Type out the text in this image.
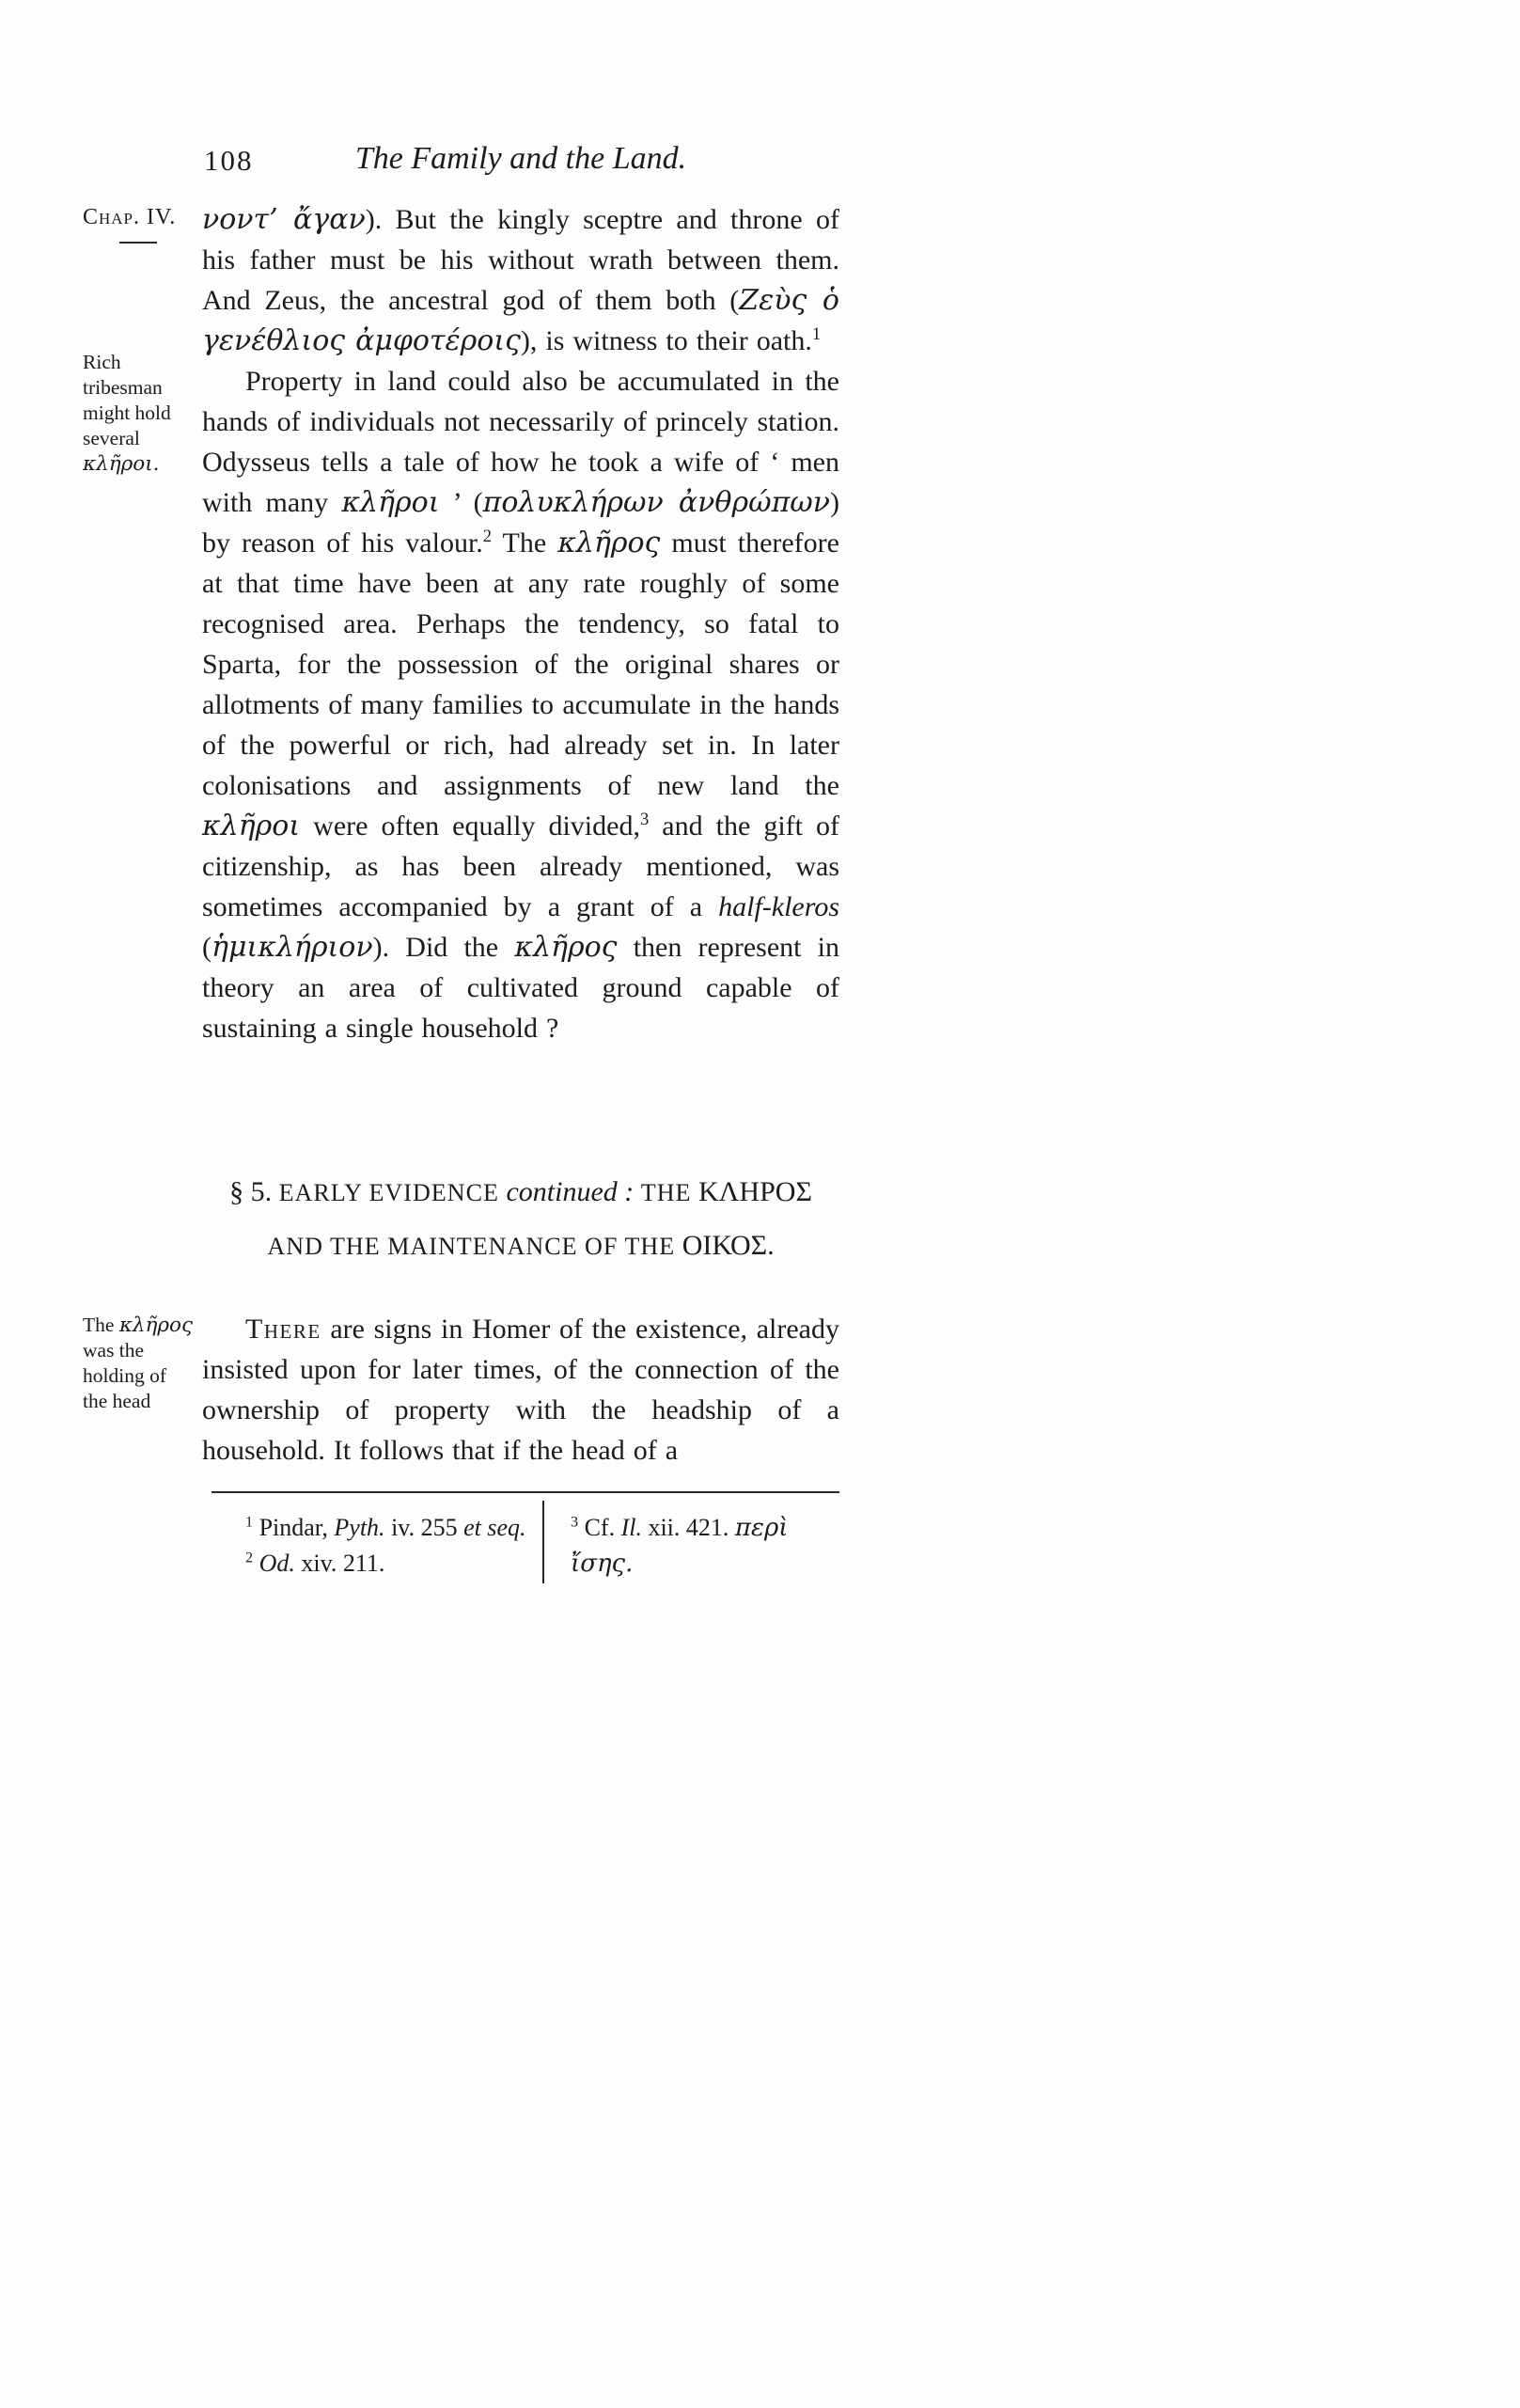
108	The Family and the Land.
Chap. IV.
Rich tribesman might hold several κλῆροι.
The κλῆρος was the holding of the head

νοντ’ ἄγαν). But the kingly sceptre and throne of his father must be his without wrath between them. And Zeus, the ancestral god of them both (Ζεὺς ὁ γενέθλιος ἀμφοτέροις), is witness to their oath.$^1$

Property in land could also be accumulated in the hands of individuals not necessarily of princely station. Odysseus tells a tale of how he took a wife of ‘ men with many κλῆροι ’ (πολυκλήρων ἀνθρώπων) by reason of his valour.$^2$ The κλῆρος must therefore at that time have been at any rate roughly of some recognised area. Perhaps the tendency, so fatal to Sparta, for the possession of the original shares or allotments of many families to accumulate in the hands of the powerful or rich, had already set in. In later colonisations and assignments of new land the κλῆροι were often equally divided,$^3$ and the gift of citizenship, as has been already mentioned, was sometimes accompanied by a grant of a half-kleros (ἡμικλήριον). Did the κλῆρος then represent in theory an area of cultivated ground capable of sustaining a single household ?

§ 5. EARLY EVIDENCE continued : THE ΚΛΗΡΟΣ
AND THE MAINTENANCE OF THE ΟΙΚΟΣ.

There are signs in Homer of the existence, already insisted upon for later times, of the connection of the ownership of property with the headship of a household. It follows that if the head of a

$^1$ Pindar, Pyth. iv. 255 et seq.
$^2$ Od. xiv. 211.
$^3$ Cf. Il. xii. 421. περὶ ἴσης.
